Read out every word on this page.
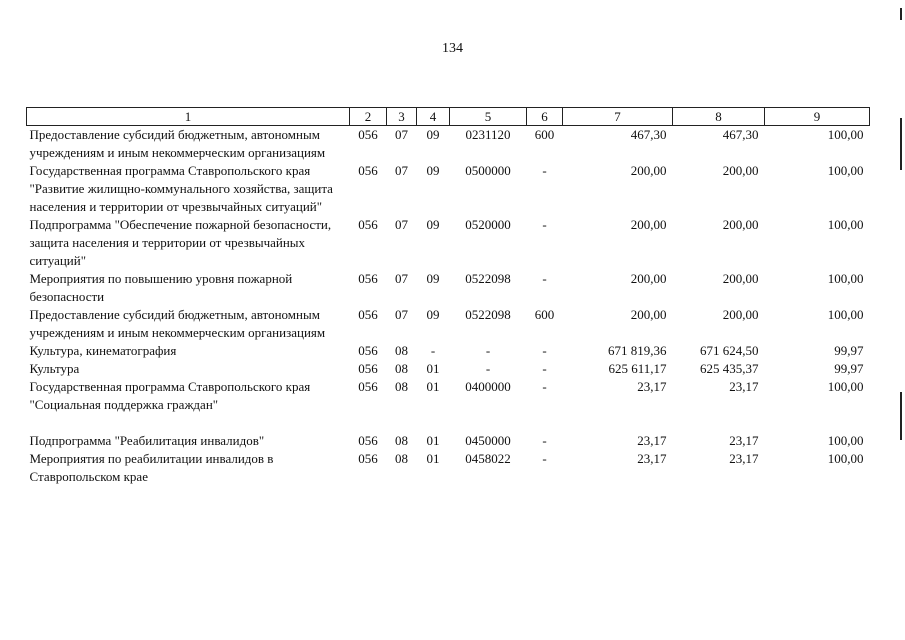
134
1	2	3	4	5	6	7	8	9
Предоставление субсидий бюджетным, автономным учреждениям и иным некоммерческим организациям	056	07	09	0231120	600	467,30	467,30	100,00
Государственная программа Ставропольского края "Развитие жилищно-коммунального хозяйства, защита населения и территории от чрезвычайных ситуаций"	056	07	09	0500000	-	200,00	200,00	100,00
Подпрограмма "Обеспечение пожарной безопасности, защита населения и территории от чрезвычайных ситуаций"	056	07	09	0520000	-	200,00	200,00	100,00
Мероприятия по повышению уровня пожарной безопасности	056	07	09	0522098	-	200,00	200,00	100,00
Предоставление субсидий бюджетным, автономным учреждениям и иным некоммерческим организациям	056	07	09	0522098	600	200,00	200,00	100,00
Культура, кинематография	056	08	-	-	-	671 819,36	671 624,50	99,97
Культура	056	08	01	-	-	625 611,17	625 435,37	99,97
Государственная программа Ставропольского края "Социальная поддержка граждан"	056	08	01	0400000	-	23,17	23,17	100,00

Подпрограмма "Реабилитация инвалидов"	056	08	01	0450000	-	23,17	23,17	100,00
Мероприятия по реабилитации инвалидов в Ставропольском крае	056	08	01	0458022	-	23,17	23,17	100,00
